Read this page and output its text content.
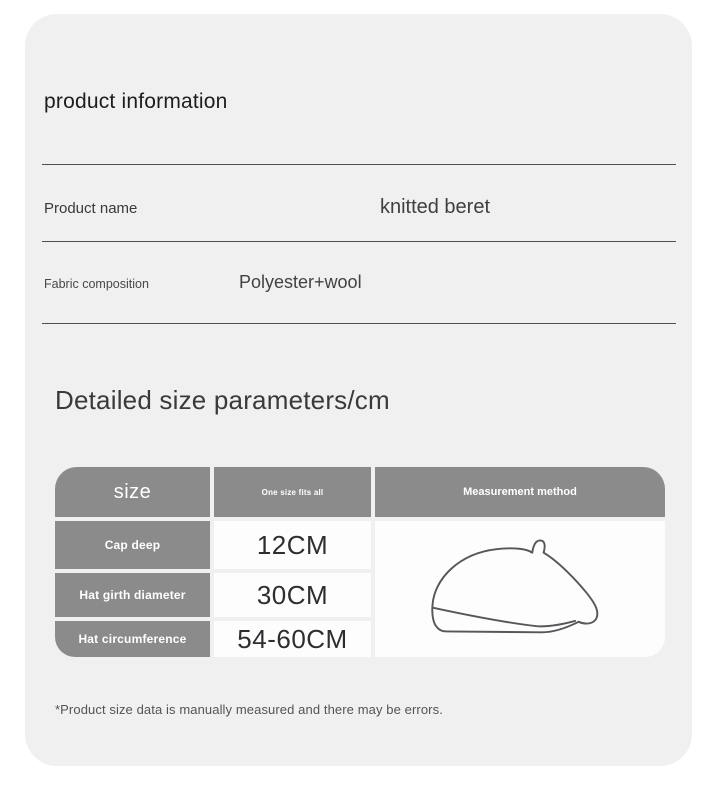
product information
Product name	knitted beret
Fabric composition	Polyester+wool
Detailed size parameters/cm
size	One size fits all	Measurement method
Cap deep	12CM
Hat girth diameter	30CM
Hat circumference	54-60CM
*Product size data is manually measured and there may be errors.
